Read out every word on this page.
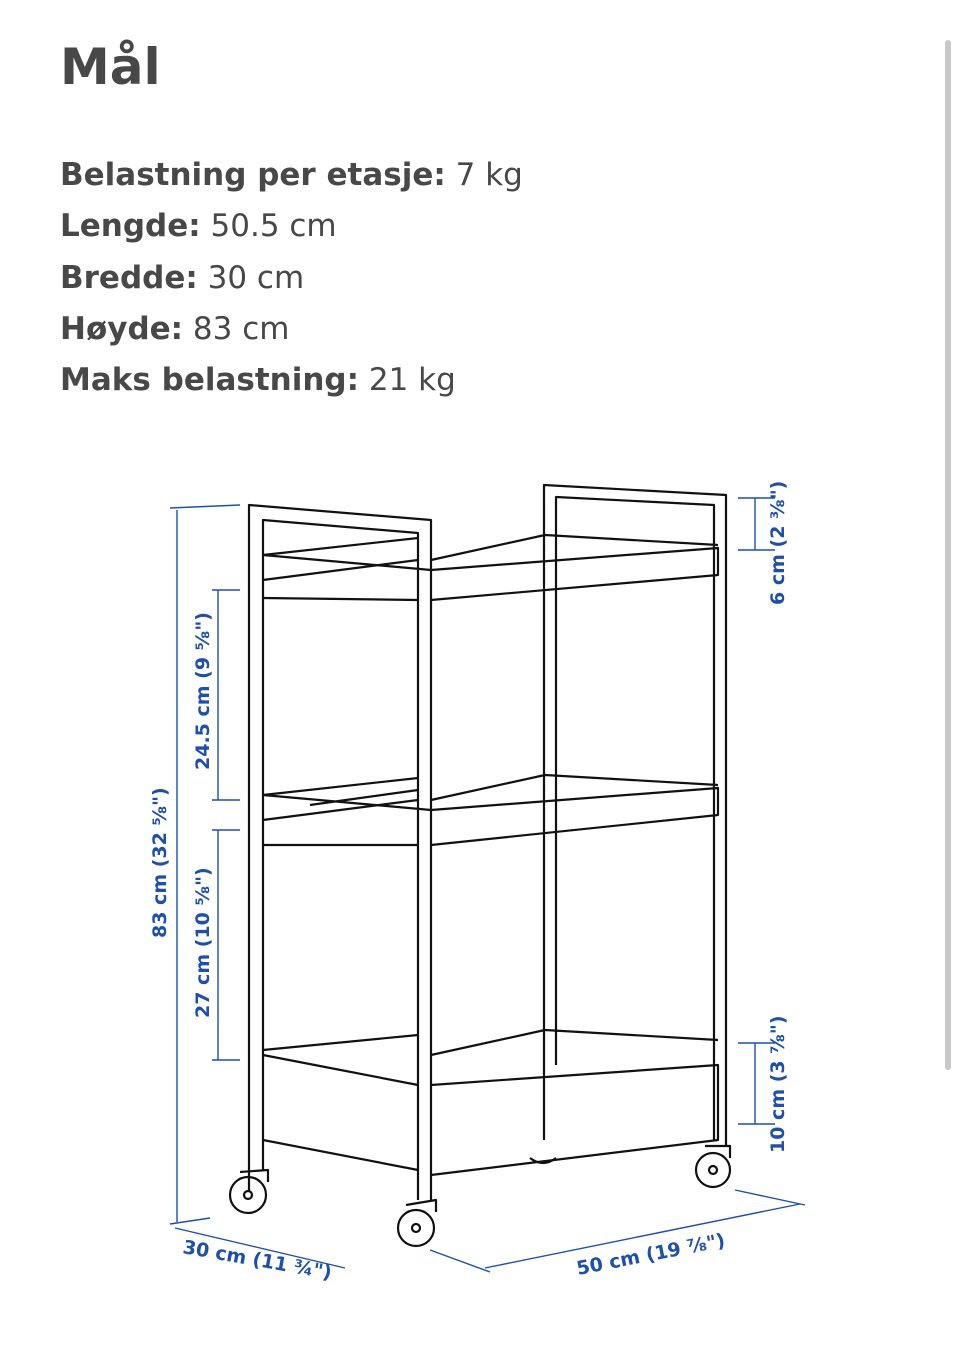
Mål
Belastning per etasje: 7 kg
Lengde: 50.5 cm
Bredde: 30 cm
Høyde: 83 cm
Maks belastning: 21 kg
83 cm (32 ⅝")
24.5 cm (9 ⅝")
27 cm (10 ⅝")
6 cm (2 ⅜")
10 cm (3 ⅞")
30 cm (11 ¾")	50 cm (19 ⅞")
